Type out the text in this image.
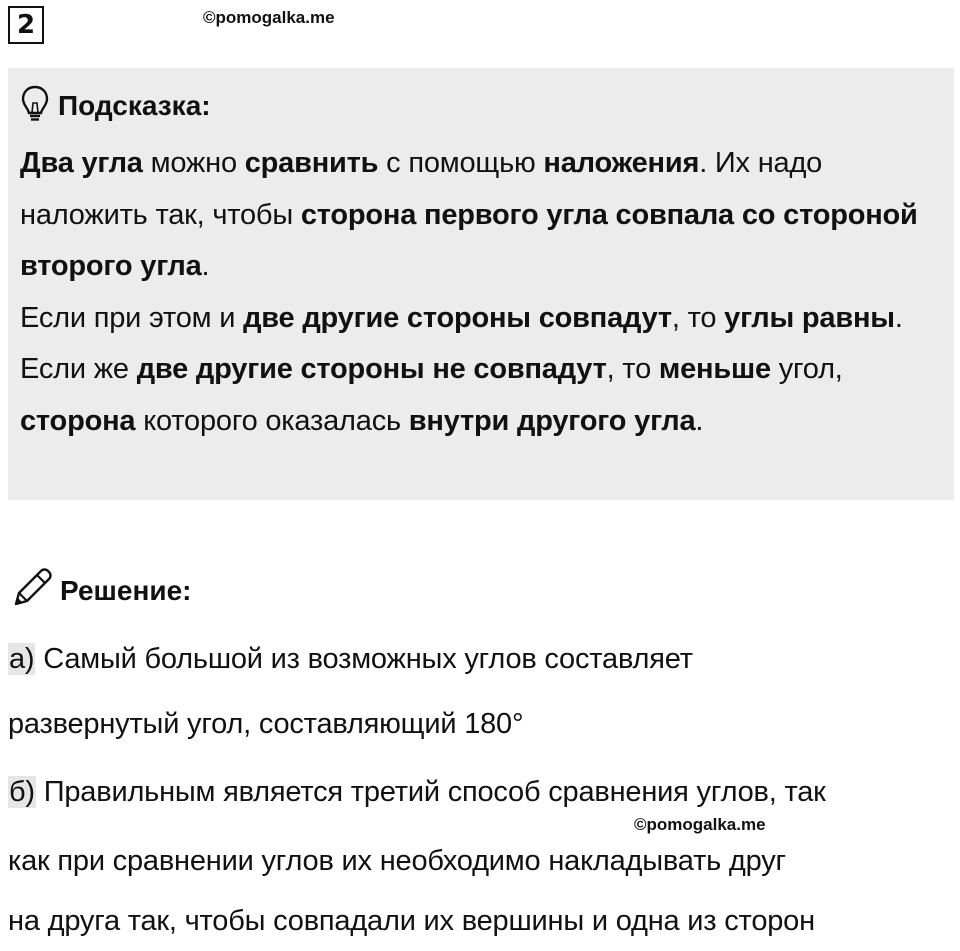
2	©pomogalka.me
Подсказка:
Два угла можно сравнить с помощью наложения. Их надо наложить так, чтобы сторона первого угла совпала со стороной второго угла.
Если при этом и две другие стороны совпадут, то углы равны. Если же две другие стороны не совпадут, то меньше угол, сторона которого оказалась внутри другого угла.
Решение:
а) Самый большой из возможных углов составляет
развернутый угол, составляющий 180°
б) Правильным является третий способ сравнения углов, так
©pomogalka.me
как при сравнении углов их необходимо накладывать друг
на друга так, чтобы совпадали их вершины и одна из сторон
